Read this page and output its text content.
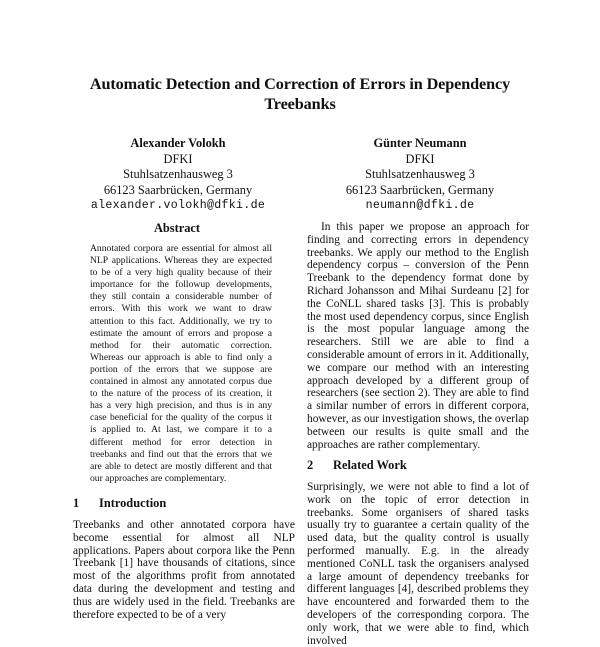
Automatic Detection and Correction of Errors in Dependency Treebanks
Alexander Volokh
DFKI
Stuhlsatzenhausweg 3
66123 Saarbrücken, Germany
alexander.volokh@dfki.de
Günter Neumann
DFKI
Stuhlsatzenhausweg 3
66123 Saarbrücken, Germany
neumann@dfki.de
Abstract
Annotated corpora are essential for almost all NLP applications. Whereas they are expected to be of a very high quality because of their importance for the followup developments, they still contain a considerable number of errors. With this work we want to draw attention to this fact. Additionally, we try to estimate the amount of errors and propose a method for their automatic correction. Whereas our approach is able to find only a portion of the errors that we suppose are contained in almost any annotated corpus due to the nature of the process of its creation, it has a very high precision, and thus is in any case beneficial for the quality of the corpus it is applied to. At last, we compare it to a different method for error detection in treebanks and find out that the errors that we are able to detect are mostly different and that our approaches are complementary.
1 Introduction
Treebanks and other annotated corpora have become essential for almost all NLP applications. Papers about corpora like the Penn Treebank [1] have thousands of citations, since most of the algorithms profit from annotated data during the development and testing and thus are widely used in the field. Treebanks are therefore expected to be of a very
In this paper we propose an approach for finding and correcting errors in dependency treebanks. We apply our method to the English dependency corpus – conversion of the Penn Treebank to the dependency format done by Richard Johansson and Mihai Surdeanu [2] for the CoNLL shared tasks [3]. This is probably the most used dependency corpus, since English is the most popular language among the researchers. Still we are able to find a considerable amount of errors in it. Additionally, we compare our method with an interesting approach developed by a different group of researchers (see section 2). They are able to find a similar number of errors in different corpora, however, as our investigation shows, the overlap between our results is quite small and the approaches are rather complementary.
2 Related Work
Surprisingly, we were not able to find a lot of work on the topic of error detection in treebanks. Some organisers of shared tasks usually try to guarantee a certain quality of the used data, but the quality control is usually performed manually. E.g. in the already mentioned CoNLL task the organisers analysed a large amount of dependency treebanks for different languages [4], described problems they have encountered and forwarded them to the developers of the corresponding corpora. The only work, that we were able to find, which involved
